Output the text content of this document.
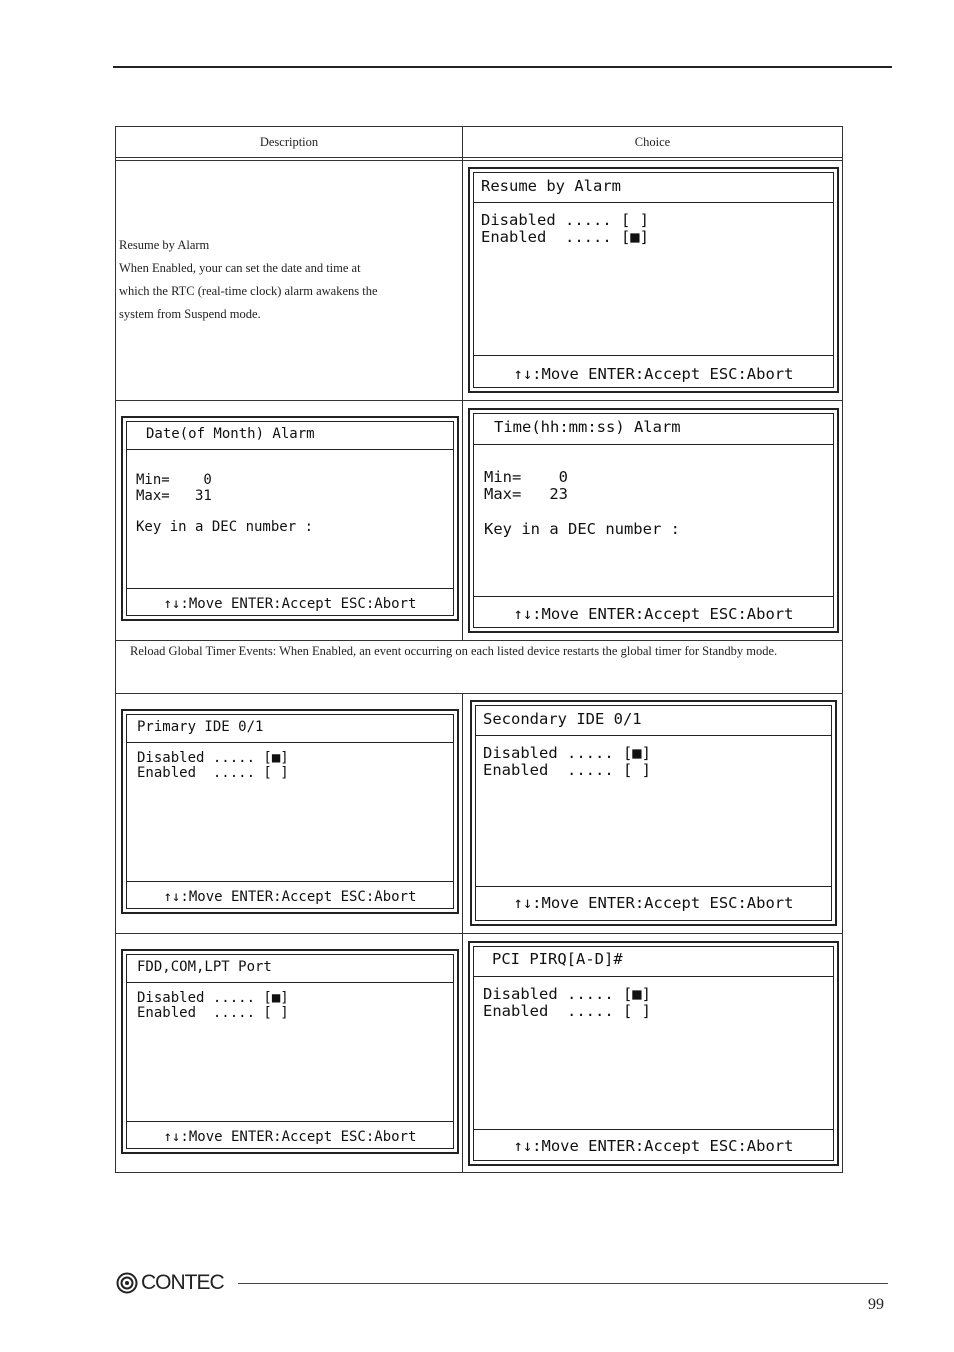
Description	Choice

Resume by Alarm

When Enabled, your can set the date and time at

which the RTC (real-time clock) alarm awakens the

system from Suspend mode.

Resume by Alarm
Disabled ..... [ ]
Enabled  ..... [■]
↑↓:Move ENTER:Accept ESC:Abort
Date(of Month) Alarm
Min=    0
Max=   31
Key in a DEC number :
↑↓:Move ENTER:Accept ESC:Abort
Time(hh:mm:ss) Alarm
Min=    0
Max=   23
Key in a DEC number :
↑↓:Move ENTER:Accept ESC:Abort
Reload Global Timer Events: When Enabled, an event occurring on each listed device restarts the global timer for Standby mode.
Primary IDE 0/1
Disabled ..... [■]
Enabled  ..... [ ]
↑↓:Move ENTER:Accept ESC:Abort
Secondary IDE 0/1
Disabled ..... [■]
Enabled  ..... [ ]
↑↓:Move ENTER:Accept ESC:Abort
FDD,COM,LPT Port
Disabled ..... [■]
Enabled  ..... [ ]
↑↓:Move ENTER:Accept ESC:Abort
PCI PIRQ[A-D]#
Disabled ..... [■]
Enabled  ..... [ ]
↑↓:Move ENTER:Accept ESC:Abort
CONTEC
99
